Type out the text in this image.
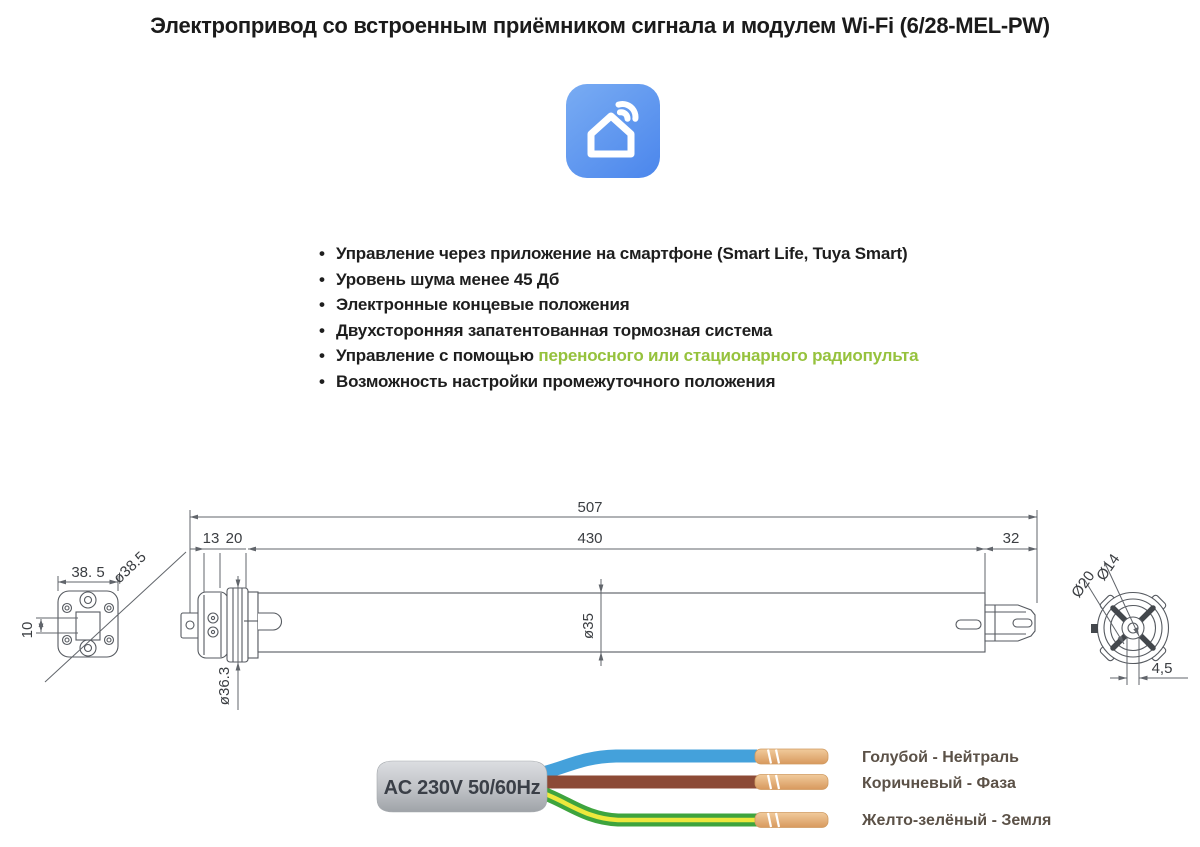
Электропривод со встроенным приёмником сигнала и модулем Wi-Fi (6/28-MEL-PW)
• Управление через приложение на смартфоне (Smart Life, Tuya Smart)
• Уровень шума менее 45 Дб
• Электронные концевые положения
• Двухсторонняя запатентованная тормозная система
• Управление с помощью переносного или стационарного радиопульта
• Возможность настройки промежуточного положения
507
13 20	430	32
38. 5 ø38.5
10	ø35
ø36.3
Ø14
Ø20
4,5
AC 230V 50/60Hz
Голубой - Нейтраль
Коричневый - Фаза
Желто-зелёный - Земля
